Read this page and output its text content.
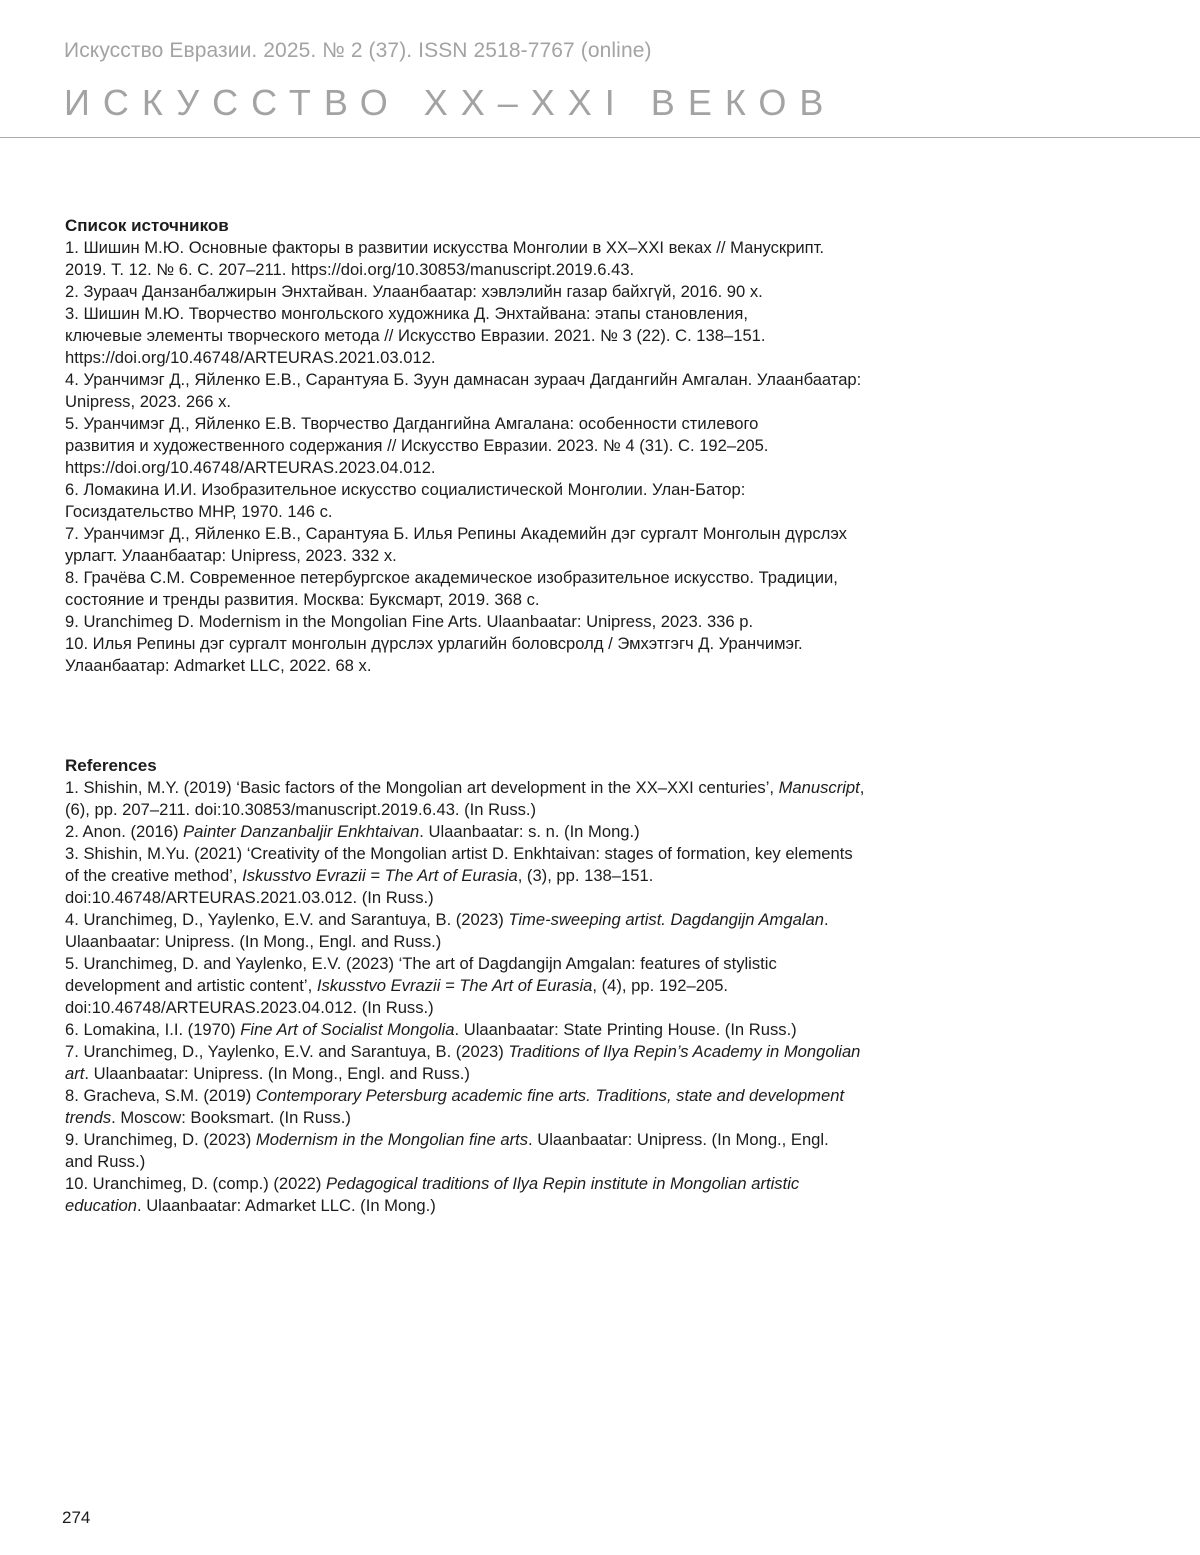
Искусство Евразии. 2025. № 2 (37). ISSN 2518-7767 (online)
ИСКУССТВО XX–XXI ВЕКОВ
Список источников
1. Шишин М.Ю. Основные факторы в развитии искусства Монголии в XX–XXI веках // Манускрипт.
2019. Т. 12. № 6. С. 207–211. https://doi.org/10.30853/manuscript.2019.6.43.
2. Зураач Данзанбалжирын Энхтайван. Улаанбаатар: хэвлэлийн газар байхгүй, 2016. 90 х.
3. Шишин М.Ю. Творчество монгольского художника Д. Энхтайвана: этапы становления,
ключевые элементы творческого метода // Искусство Евразии. 2021. № 3 (22). С. 138–151.
https://doi.org/10.46748/ARTEURAS.2021.03.012.
4. Уранчимэг Д., Яйленко Е.В., Сарантуяа Б. Зуун дамнасан зураач Дагдангийн Амгалан. Улаанбаатар:
Unipress, 2023. 266 х.
5. Уранчимэг Д., Яйленко Е.В. Творчество Дагдангийна Амгалана: особенности стилевого
развития и художественного содержания // Искусство Евразии. 2023. № 4 (31). С. 192–205.
https://doi.org/10.46748/ARTEURAS.2023.04.012.
6. Ломакина И.И. Изобразительное искусство социалистической Монголии. Улан-Батор:
Госиздательство МНР, 1970. 146 с.
7. Уранчимэг Д., Яйленко Е.В., Сарантуяа Б. Илья Репины Академийн дэг сургалт Монголын дүрслэх
урлагт. Улаанбаатар: Unipress, 2023. 332 х.
8. Грачёва С.М. Современное петербургское академическое изобразительное искусство. Традиции,
состояние и тренды развития. Москва: Буксмарт, 2019. 368 с.
9. Uranchimeg D. Modernism in the Mongolian Fine Arts. Ulaanbaatar: Unipress, 2023. 336 p.
10. Илья Репины дэг сургалт монголын дүрслэх урлагийн боловсролд / Эмхэтгэгч Д. Уранчимэг.
Улаанбаатар: Admarket LLC, 2022. 68 х.
References
1. Shishin, M.Y. (2019) ‘Basic factors of the Mongolian art development in the XX–XXI centuries’, Manuscript,
(6), pp. 207–211. doi:10.30853/manuscript.2019.6.43. (In Russ.)
2. Anon. (2016) Painter Danzanbaljir Enkhtaivan. Ulaanbaatar: s. n. (In Mong.)
3. Shishin, M.Yu. (2021) ‘Creativity of the Mongolian artist D. Enkhtaivan: stages of formation, key elements
of the creative method’, Iskusstvo Evrazii = The Art of Eurasia, (3), pp. 138–151.
doi:10.46748/ARTEURAS.2021.03.012. (In Russ.)
4. Uranchimeg, D., Yaylenko, E.V. and Sarantuya, B. (2023) Time-sweeping artist. Dagdangijn Amgalan.
Ulaanbaatar: Unipress. (In Mong., Engl. and Russ.)
5. Uranchimeg, D. and Yaylenko, E.V. (2023) ‘The art of Dagdangijn Amgalan: features of stylistic
development and artistic content’, Iskusstvo Evrazii = The Art of Eurasia, (4), pp. 192–205.
doi:10.46748/ARTEURAS.2023.04.012. (In Russ.)
6. Lomakina, I.I. (1970) Fine Art of Socialist Mongolia. Ulaanbaatar: State Printing House. (In Russ.)
7. Uranchimeg, D., Yaylenko, E.V. and Sarantuya, B. (2023) Traditions of Ilya Repin’s Academy in Mongolian
art. Ulaanbaatar: Unipress. (In Mong., Engl. and Russ.)
8. Gracheva, S.M. (2019) Contemporary Petersburg academic fine arts. Traditions, state and development
trends. Moscow: Booksmart. (In Russ.)
9. Uranchimeg, D. (2023) Modernism in the Mongolian fine arts. Ulaanbaatar: Unipress. (In Mong., Engl.
and Russ.)
10. Uranchimeg, D. (comp.) (2022) Pedagogical traditions of Ilya Repin institute in Mongolian artistic
education. Ulaanbaatar: Admarket LLC. (In Mong.)
274
